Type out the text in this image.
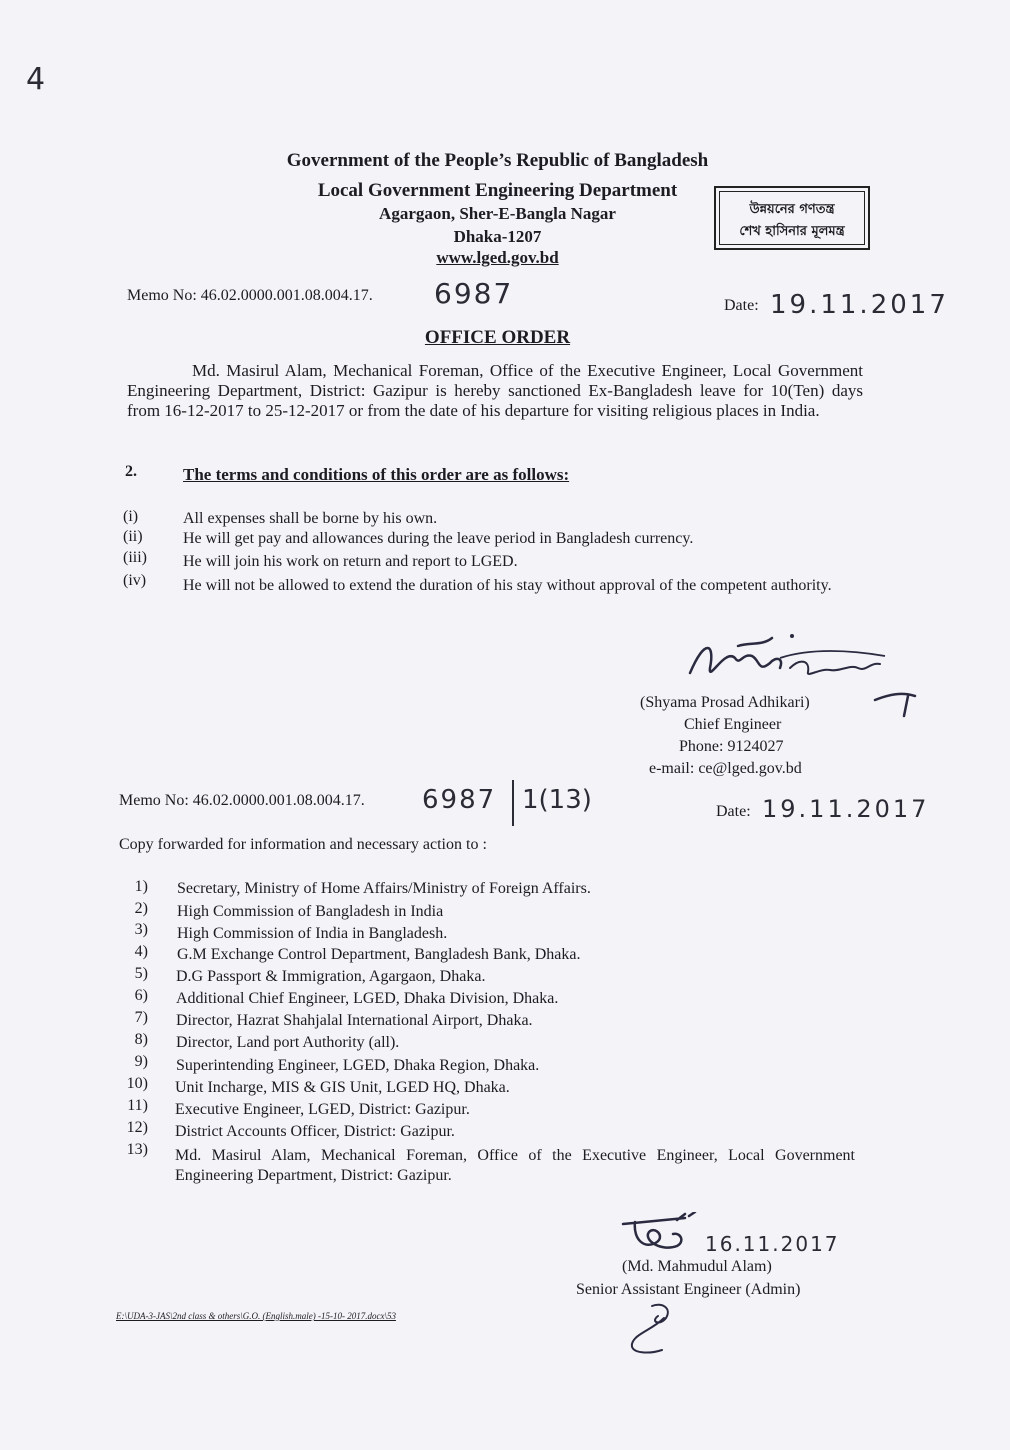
4
Government of the People’s Republic of Bangladesh
Local Government Engineering Department
Agargaon, Sher-E-Bangla Nagar
Dhaka-1207
www.lged.gov.bd
উন্নয়নের গণতন্ত্র
শেখ হাসিনার মূলমন্ত্র
Memo No: 46.02.0000.001.08.004.17. 6987	Date: 19.11.2017
OFFICE ORDER
Md. Masirul Alam, Mechanical Foreman, Office of the Executive Engineer, Local Government Engineering Department, District: Gazipur is hereby sanctioned Ex-Bangladesh leave for 10(Ten) days from 16-12-2017 to 25-12-2017 or from the date of his departure for visiting religious places in India.
2.	The terms and conditions of this order are as follows:
(i)	All expenses shall be borne by his own.
(ii)	He will get pay and allowances during the leave period in Bangladesh currency.
(iii) He will join his work on return and report to LGED.
(iv) He will not be allowed to extend the duration of his stay without approval of the competent authority.
(Shyama Prosad Adhikari)
Chief Engineer
Phone: 9124027
e-mail: ce@lged.gov.bd
Memo No: 46.02.0000.001.08.004.17. 6987 1(13)	Date: 19.11.2017
Copy forwarded for information and necessary action to :
1) Secretary, Ministry of Home Affairs/Ministry of Foreign Affairs.
2) High Commission of Bangladesh in India
3) High Commission of India in Bangladesh.
4) G.M Exchange Control Department, Bangladesh Bank, Dhaka.
5) D.G Passport & Immigration, Agargaon, Dhaka.
6) Additional Chief Engineer, LGED, Dhaka Division, Dhaka.
7) Director, Hazrat Shahjalal International Airport, Dhaka.
8) Director, Land port Authority (all).
9) Superintending Engineer, LGED, Dhaka Region, Dhaka.
10) Unit Incharge, MIS & GIS Unit, LGED HQ, Dhaka.
11) Executive Engineer, LGED, District: Gazipur.
12) District Accounts Officer, District: Gazipur.
13) Md. Masirul Alam, Mechanical Foreman, Office of the Executive Engineer, Local Government Engineering Department, District: Gazipur.
16.11.2017
(Md. Mahmudul Alam)
Senior Assistant Engineer (Admin)
E:\UDA-3-JAS\2nd class & others\G.O. (English.male) -15-10- 2017.docx\53
